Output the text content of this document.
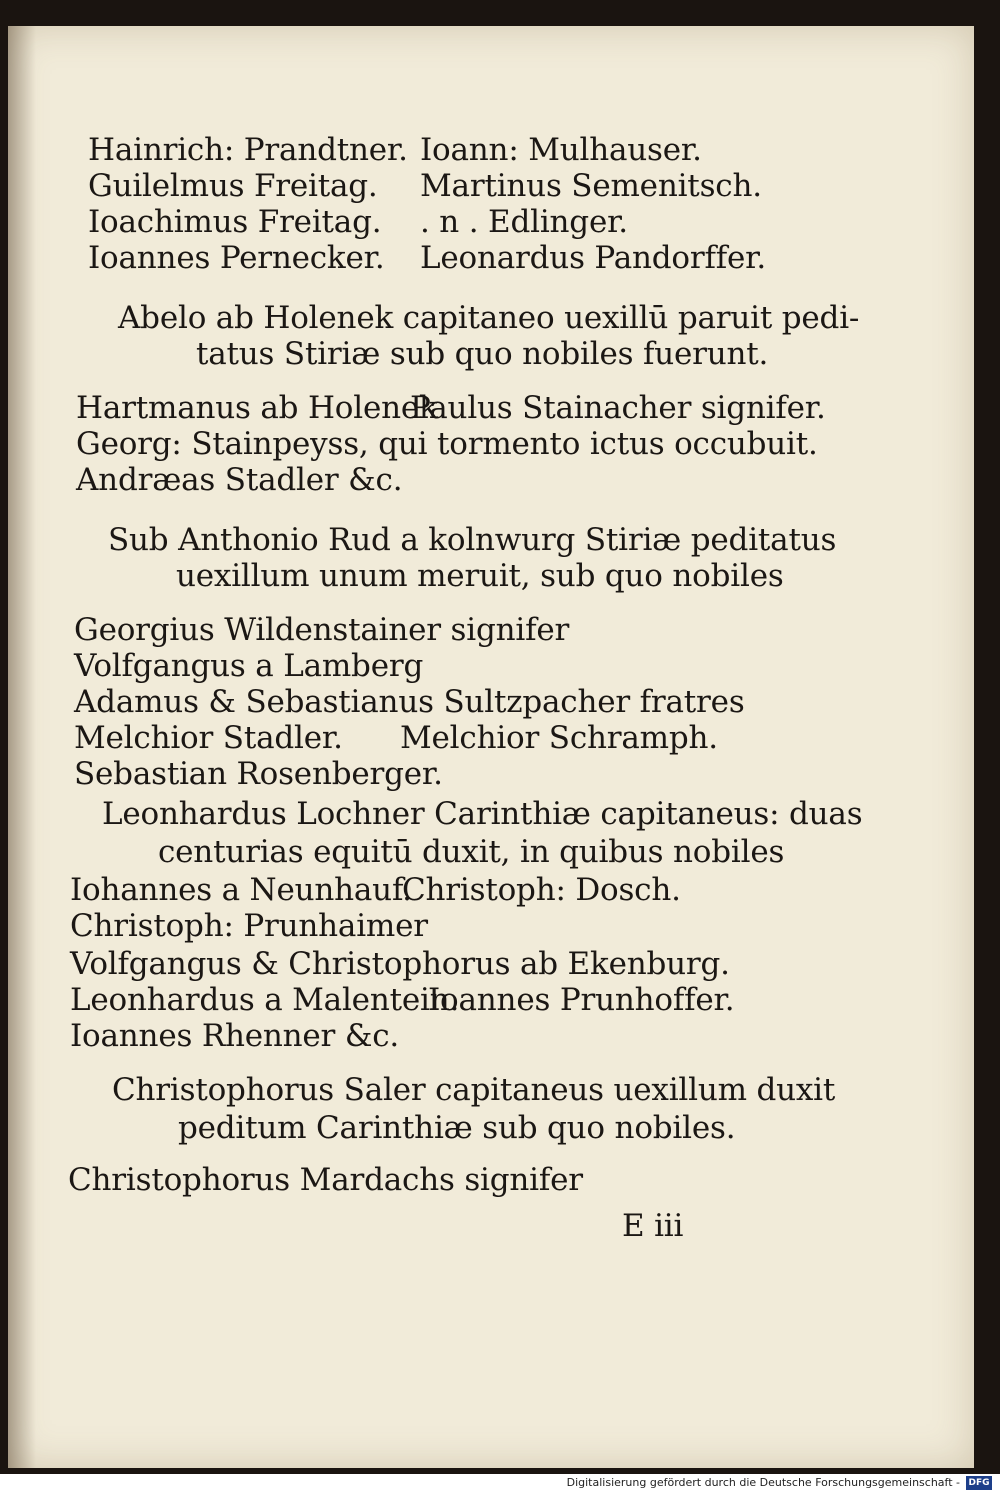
Hainrich: Prandtner.
Guilelmus Freitag.
Ioachimus Freitag.
Ioannes Pernecker.
Ioann: Mulhauser.
Martinus Semenitsch.
. n . Edlinger.
Leonardus Pandorffer.
Abelo ab Holenek capitaneo uexillū paruit pedi-
tatus Stiriæ sub quo nobiles fuerunt.
Hartmanus ab Holenek
Paulus Stainacher signifer.
Georg: Stainpeyss, qui tormento ictus occubuit.
Andræas Stadler &c.
Sub Anthonio Rud a kolnwurg Stiriæ peditatus
uexillum unum meruit, sub quo nobiles
Georgius Wildenstainer signifer
Volfgangus a Lamberg
Adamus & Sebastianus Sultzpacher fratres
Melchior Stadler. Melchior Schramph.
Sebastian Rosenberger.
Leonhardus Lochner Carinthiæ capitaneus: duas
centurias equitū duxit, in quibus nobiles
Iohannes a Neunhauf.
Christoph: Dosch.
Christoph: Prunhaimer
Volfgangus & Christophorus ab Ekenburg.
Leonhardus a Malentein.
Ioannes Prunhoffer.
Ioannes Rhenner &c.
Christophorus Saler capitaneus uexillum duxit
peditum Carinthiæ sub quo nobiles.
Christophorus Mardachs signifer
E iii
Digitalisierung gefördert durch die Deutsche Forschungsgemeinschaft - DFG
